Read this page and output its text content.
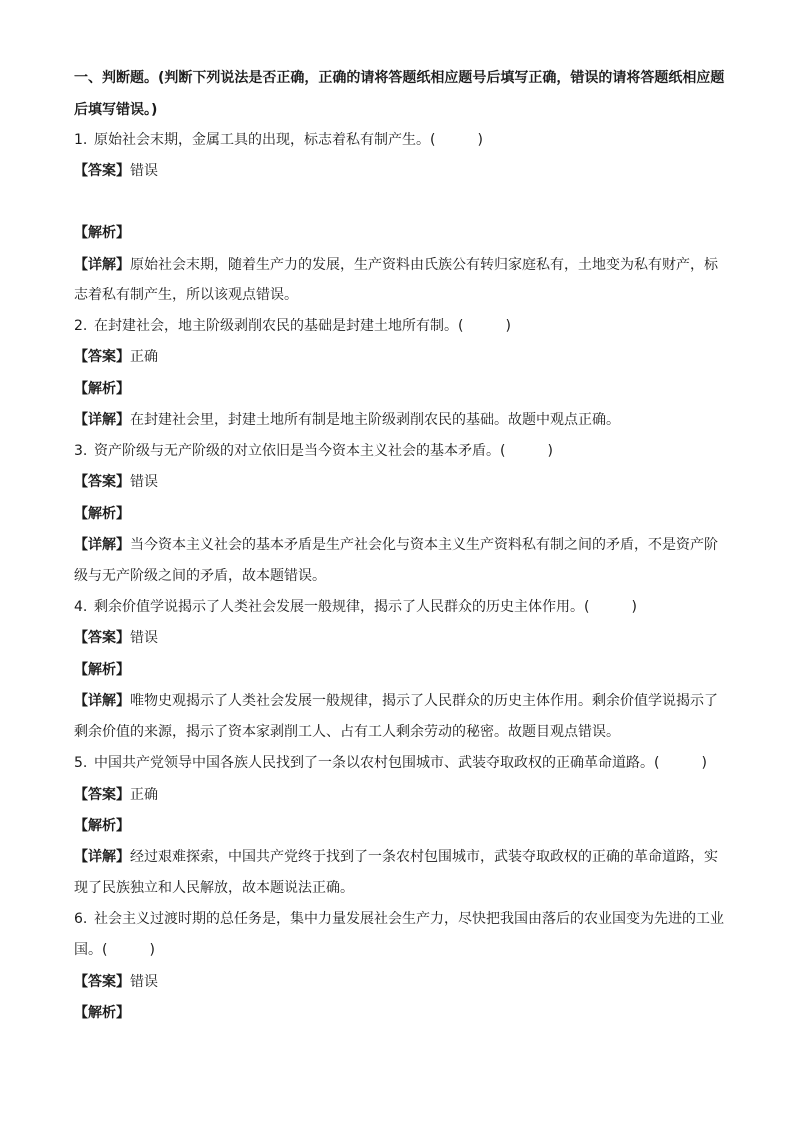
一、判断题。(判断下列说法是否正确，正确的请将答题纸相应题号后填写正确，错误的请将答题纸相应题
后填写错误。)
1. 原始社会末期，金属工具的出现，标志着私有制产生。(　　　)
【答案】错误
【解析】
【详解】原始社会末期，随着生产力的发展，生产资料由氏族公有转归家庭私有，土地变为私有财产，标
志着私有制产生，所以该观点错误。
2. 在封建社会，地主阶级剥削农民的基础是封建土地所有制。(　　　)
【答案】正确
【解析】
【详解】在封建社会里，封建土地所有制是地主阶级剥削农民的基础。故题中观点正确。
3. 资产阶级与无产阶级的对立依旧是当今资本主义社会的基本矛盾。(　　　)
【答案】错误
【解析】
【详解】当今资本主义社会的基本矛盾是生产社会化与资本主义生产资料私有制之间的矛盾，不是资产阶
级与无产阶级之间的矛盾，故本题错误。
4. 剩余价值学说揭示了人类社会发展一般规律，揭示了人民群众的历史主体作用。(　　　)
【答案】错误
【解析】
【详解】唯物史观揭示了人类社会发展一般规律，揭示了人民群众的历史主体作用。剩余价值学说揭示了
剩余价值的来源，揭示了资本家剥削工人、占有工人剩余劳动的秘密。故题目观点错误。
5. 中国共产党领导中国各族人民找到了一条以农村包围城市、武装夺取政权的正确革命道路。(　　　)
【答案】正确
【解析】
【详解】经过艰难探索，中国共产党终于找到了一条农村包围城市，武装夺取政权的正确的革命道路，实
现了民族独立和人民解放，故本题说法正确。
6. 社会主义过渡时期的总任务是，集中力量发展社会生产力，尽快把我国由落后的农业国变为先进的工业
国。(　　　)
【答案】错误
【解析】
